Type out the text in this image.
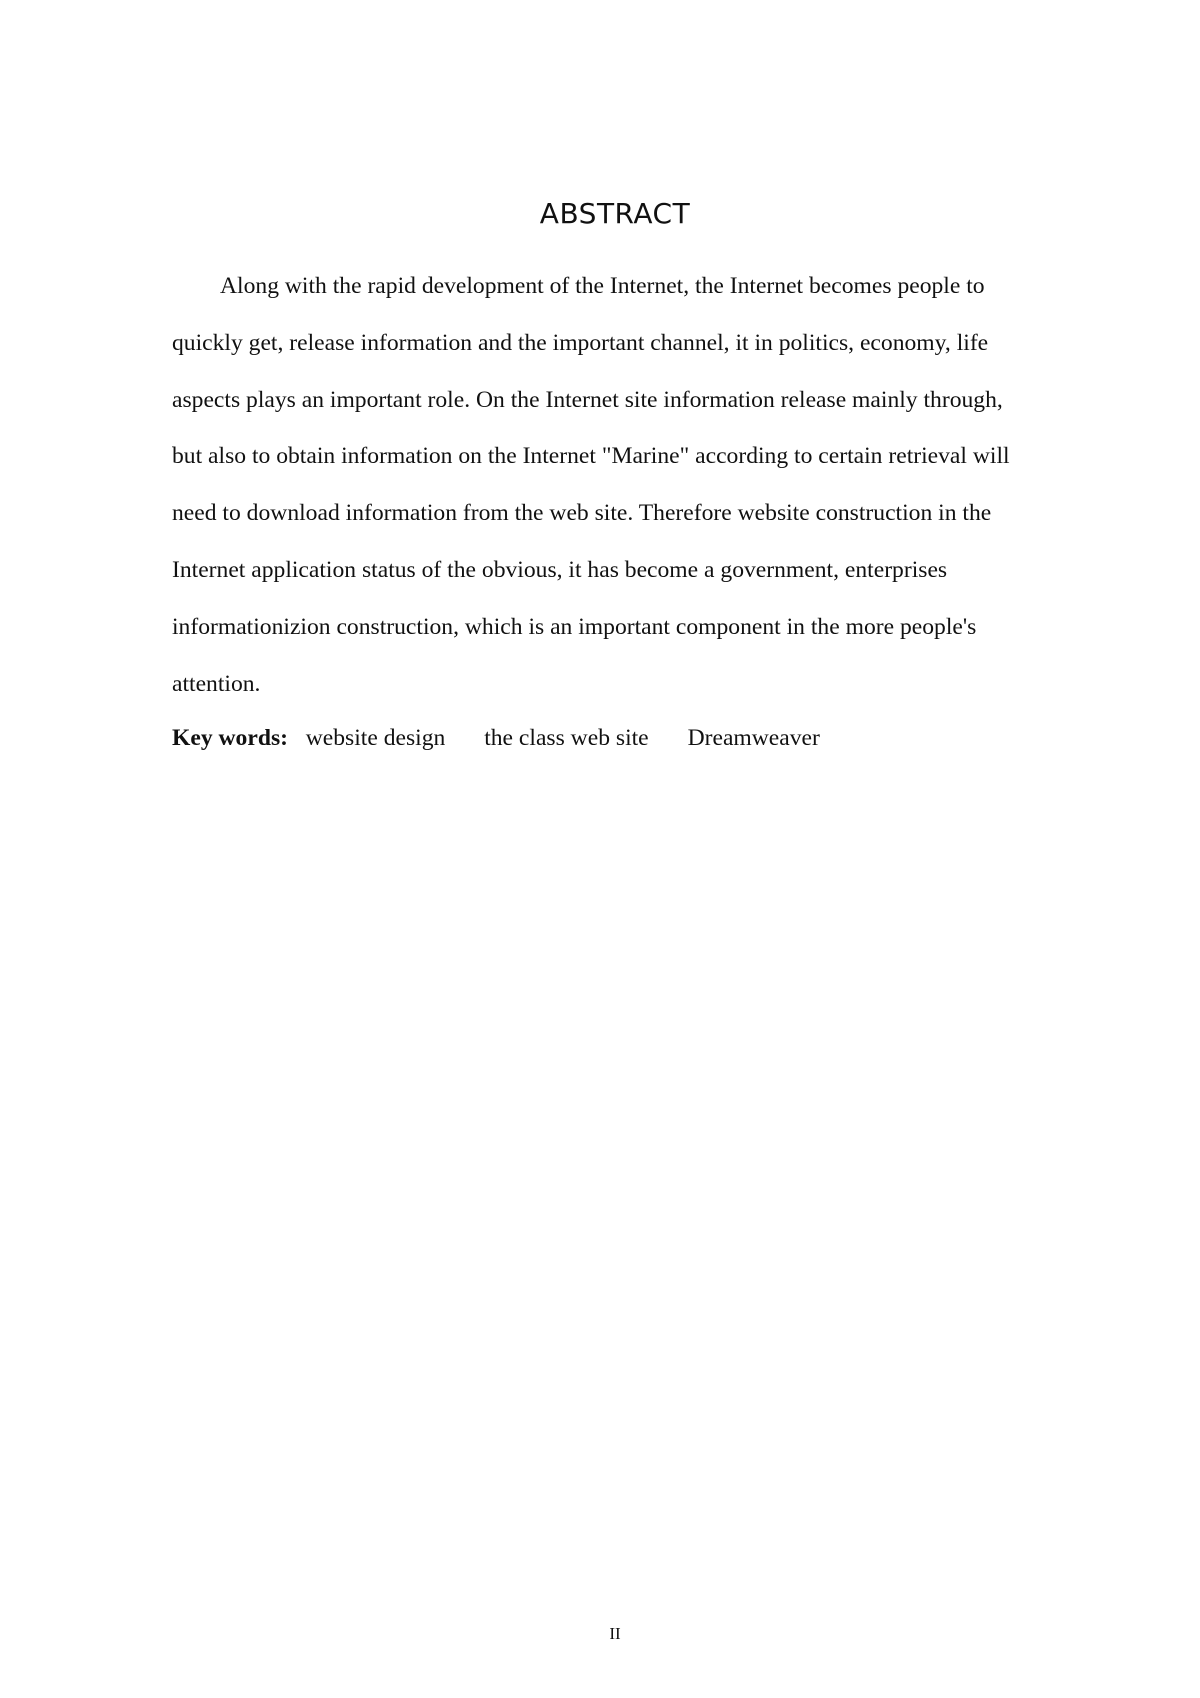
ABSTRACT
Along with the rapid development of the Internet, the Internet becomes people to
quickly get, release information and the important channel, it in politics, economy, life
aspects plays an important role. On the Internet site information release mainly through,
but also to obtain information on the Internet "Marine" according to certain retrieval will
need to download information from the web site. Therefore website construction in the
Internet application status of the obvious, it has become a government, enterprises
informationizion construction, which is an important component in the more people's
attention.
Key words: website design the class web site Dreamweaver
II
